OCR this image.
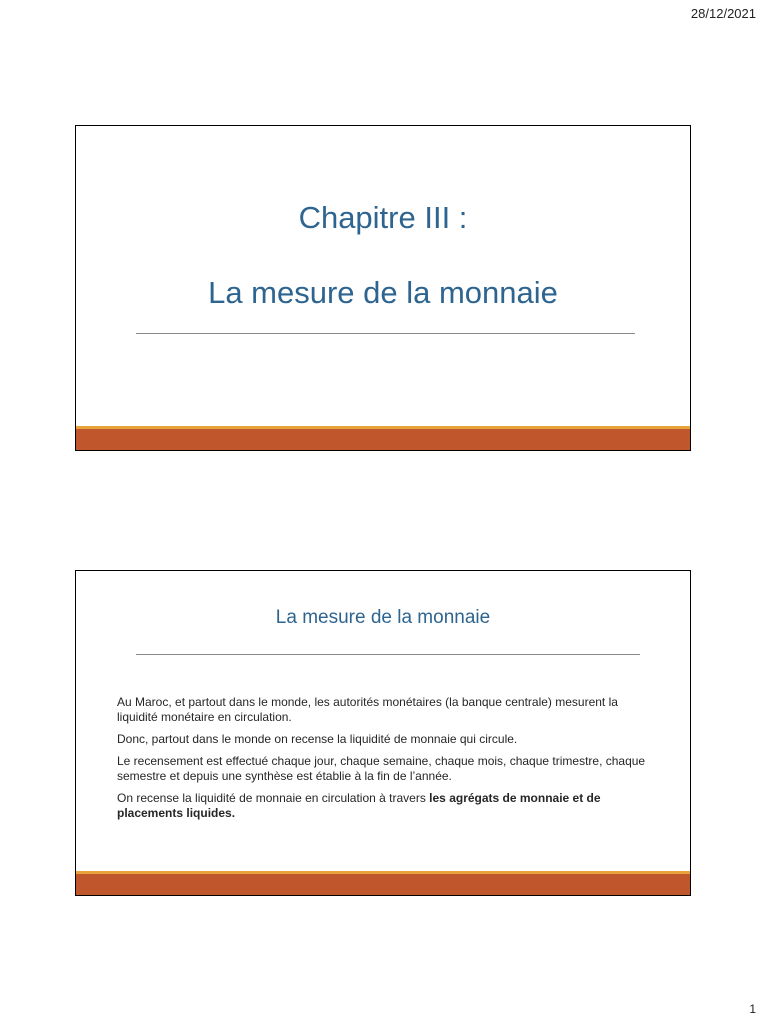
28/12/2021
Chapitre III :
La mesure de la monnaie
La mesure de la monnaie

Au Maroc, et partout dans le monde, les autorités monétaires (la banque centrale) mesurent la liquidité monétaire en circulation.

Donc, partout dans le monde on recense la liquidité de monnaie qui circule.

Le recensement est effectué chaque jour, chaque semaine, chaque mois, chaque trimestre, chaque semestre et depuis une synthèse est établie à la fin de l’année.

On recense la liquidité de monnaie en circulation à travers les agrégats de monnaie et de placements liquides.

1
